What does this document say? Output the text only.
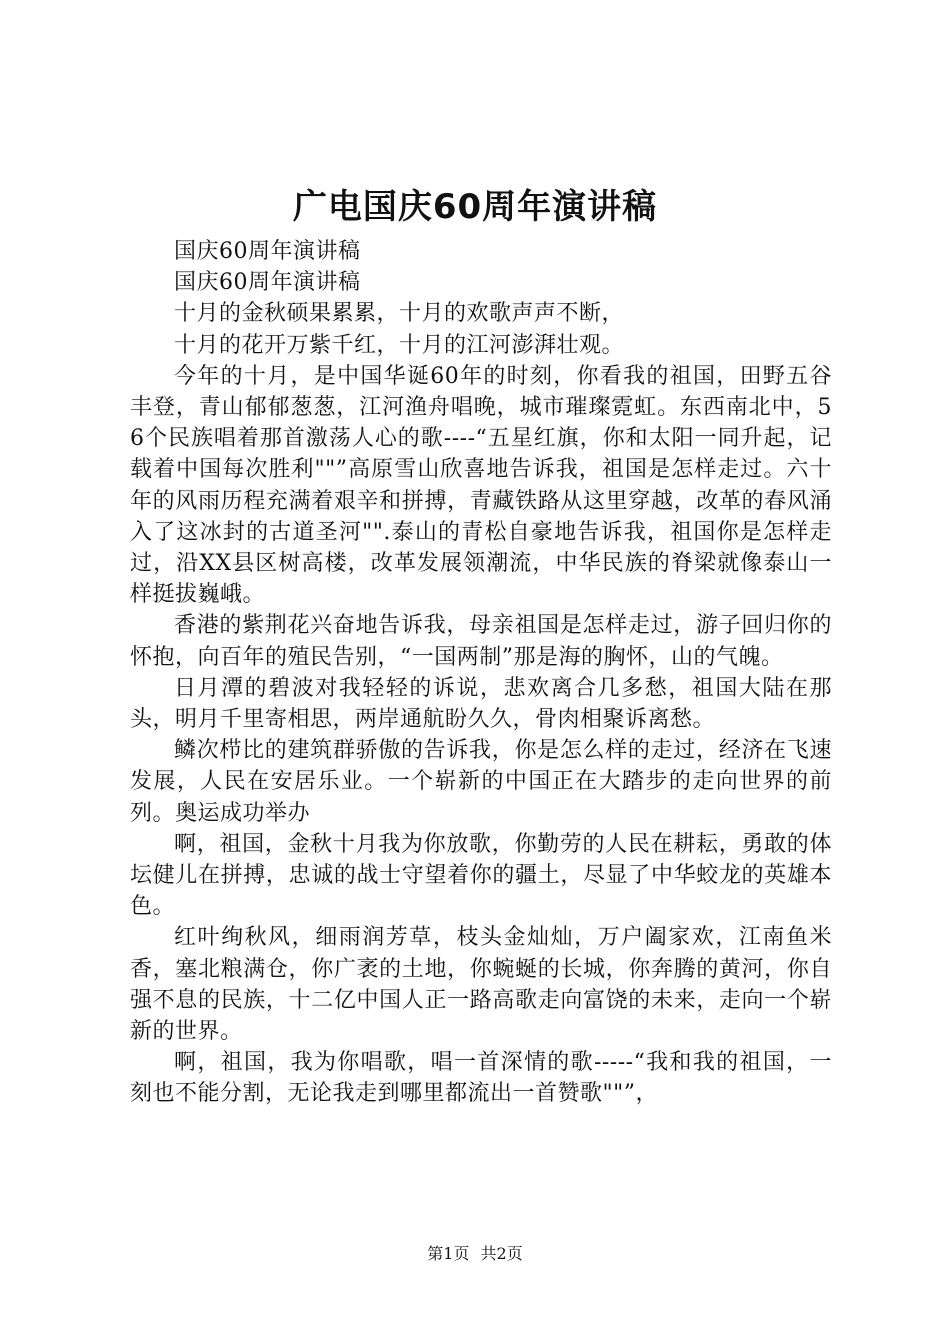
广电国庆60周年演讲稿

国庆60周年演讲稿

国庆60周年演讲稿

十月的金秋硕果累累，十月的欢歌声声不断，

十月的花开万紫千红，十月的江河澎湃壮观。

今年的十月，是中国华诞60年的时刻，你看我的祖国，田野五谷丰登，青山郁郁葱葱，江河渔舟唱晚，城市璀璨霓虹。东西南北中，56个民族唱着那首激荡人心的歌----“五星红旗，你和太阳一同升起，记载着中国每次胜利""”高原雪山欣喜地告诉我，祖国是怎样走过。六十年的风雨历程充满着艰辛和拼搏，青藏铁路从这里穿越，改革的春风涌入了这冰封的古道圣河"".泰山的青松自豪地告诉我，祖国你是怎样走过，沿XX县区树高楼，改革发展领潮流，中华民族的脊梁就像泰山一样挺拔巍峨。

香港的紫荆花兴奋地告诉我，母亲祖国是怎样走过，游子回归你的怀抱，向百年的殖民告别，“一国两制”那是海的胸怀，山的气魄。

日月潭的碧波对我轻轻的诉说，悲欢离合几多愁，祖国大陆在那头，明月千里寄相思，两岸通航盼久久，骨肉相聚诉离愁。

鳞次栉比的建筑群骄傲的告诉我，你是怎么样的走过，经济在飞速发展，人民在安居乐业。一个崭新的中国正在大踏步的走向世界的前列。奥运成功举办

啊，祖国，金秋十月我为你放歌，你勤劳的人民在耕耘，勇敢的体坛健儿在拼搏，忠诚的战士守望着你的疆土，尽显了中华蛟龙的英雄本色。

红叶绚秋风，细雨润芳草，枝头金灿灿，万户阖家欢，江南鱼米香，塞北粮满仓，你广袤的土地，你蜿蜒的长城，你奔腾的黄河，你自强不息的民族，十二亿中国人正一路高歌走向富饶的未来，走向一个崭新的世界。

啊，祖国，我为你唱歌，唱一首深情的歌-----“我和我的祖国，一刻也不能分割，无论我走到哪里都流出一首赞歌""”，

第1页 共2页
